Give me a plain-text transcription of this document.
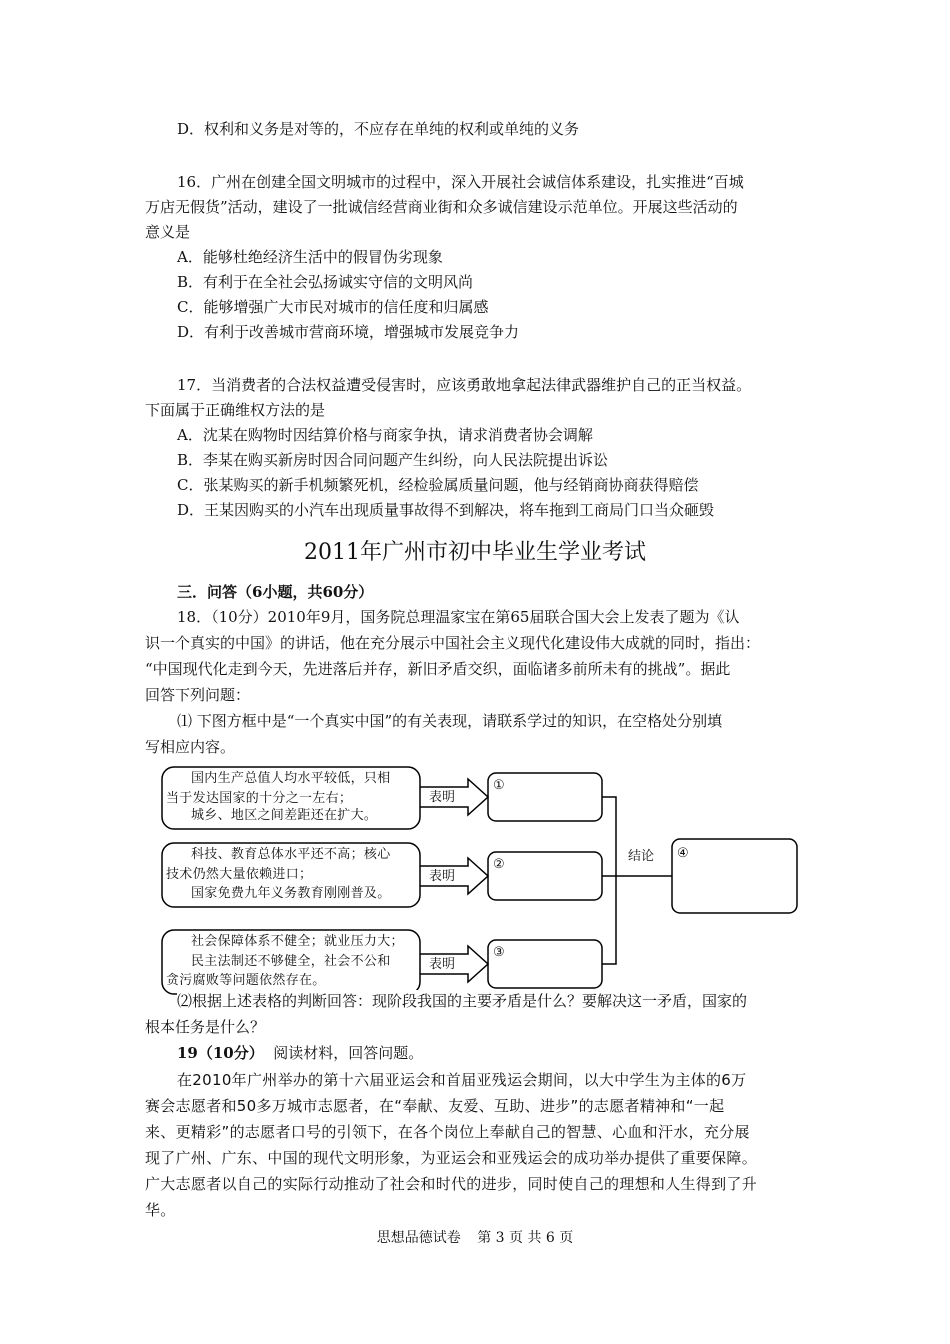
D．权利和义务是对等的，不应存在单纯的权利或单纯的义务
16．广州在创建全国文明城市的过程中，深入开展社会诚信体系建设，扎实推进“百城
万店无假货”活动，建设了一批诚信经营商业街和众多诚信建设示范单位。开展这些活动的
意义是
A．能够杜绝经济生活中的假冒伪劣现象
B．有利于在全社会弘扬诚实守信的文明风尚
C．能够增强广大市民对城市的信任度和归属感
D．有利于改善城市营商环境，增强城市发展竞争力
17．当消费者的合法权益遭受侵害时，应该勇敢地拿起法律武器维护自己的正当权益。
下面属于正确维权方法的是
A．沈某在购物时因结算价格与商家争执，请求消费者协会调解
B．李某在购买新房时因合同问题产生纠纷，向人民法院提出诉讼
C．张某购买的新手机频繁死机，经检验属质量问题，他与经销商协商获得赔偿
D．王某因购买的小汽车出现质量事故得不到解决，将车拖到工商局门口当众砸毁
2011年广州市初中毕业生学业考试
三．问答（6小题，共60分）
18．（10分）2010年9月，国务院总理温家宝在第65届联合国大会上发表了题为《认
识一个真实的中国》的讲话，他在充分展示中国社会主义现代化建设伟大成就的同时，指出：
“中国现代化走到今天，先进落后并存，新旧矛盾交织，面临诸多前所未有的挑战”。据此
回答下列问题：
⑴ 下图方框中是“一个真实中国”的有关表现，请联系学过的知识，在空格处分别填
写相应内容。
国内生产总值人均水平较低，只相
当于发达国家的十分之一左右；
城乡、地区之间差距还在扩大。
科技、教育总体水平还不高；核心
技术仍然大量依赖进口；
国家免费九年义务教育刚刚普及。
社会保障体系不健全；就业压力大；
民主法制还不够健全，社会不公和
贪污腐败等问题依然存在。
表明
表明
表明
①
②
③
结论 ④
⑵根据上述表格的判断回答：现阶段我国的主要矛盾是什么？要解决这一矛盾，国家的
根本任务是什么？
19（10分） 阅读材料，回答问题。
在2010年广州举办的第十六届亚运会和首届亚残运会期间，以大中学生为主体的6万
赛会志愿者和50多万城市志愿者，在“奉献、友爱、互助、进步”的志愿者精神和“一起
来、更精彩”的志愿者口号的引领下，在各个岗位上奉献自己的智慧、心血和汗水，充分展
现了广州、广东、中国的现代文明形象，为亚运会和亚残运会的成功举办提供了重要保障。
广大志愿者以自己的实际行动推动了社会和时代的进步，同时使自己的理想和人生得到了升
华。
思想品德试卷 第 3 页 共 6 页
